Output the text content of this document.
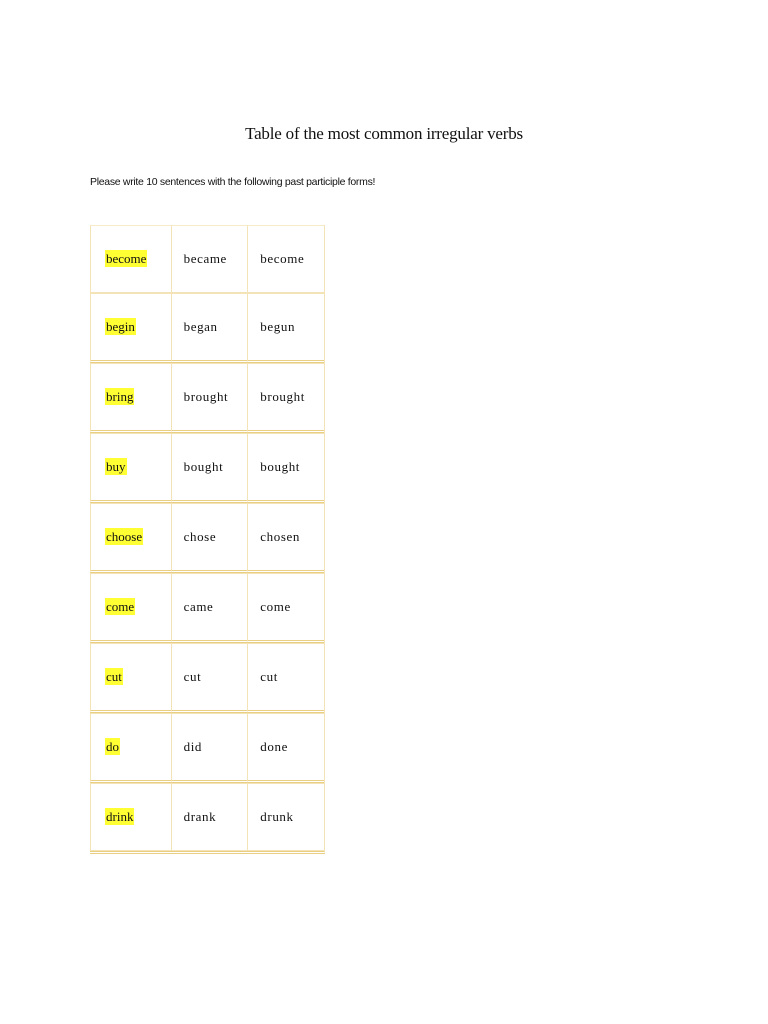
Table of the most common irregular verbs
Please write 10 sentences with the following past participle forms!
become	became	become
begin	began	begun
bring	brought	brought
buy	bought	bought
choose	chose	chosen
come	came	come
cut	cut	cut
do	did	done
drink	drank	drunk
